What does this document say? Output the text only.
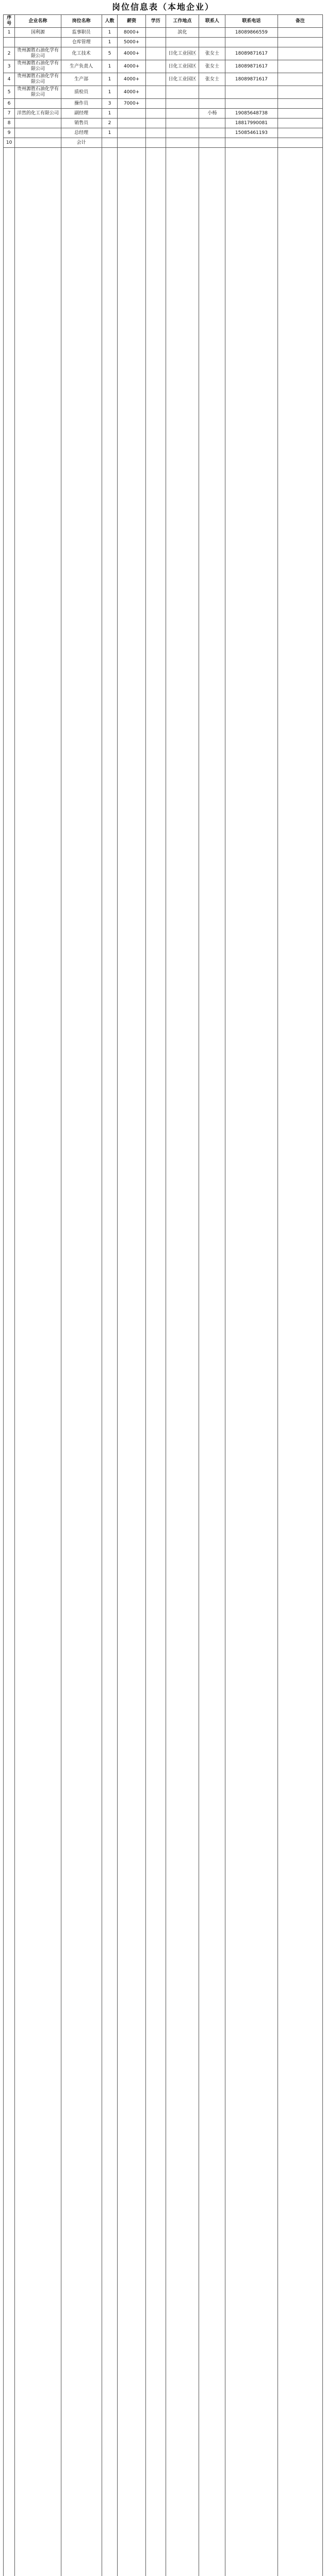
岗位信息表（本地企业）
序号	企业名称	岗位名称	人数	薪资	学历	工作地点	联系人	联系电话	备注
1	国利源	监事职员	1	8000+		滨化		18089866559	
		仓库管理	1	5000+					
2	贵州源胜石油化学有限公司	化工技术	5	4000+		日化工业园区	张女士	18089871617	
3	贵州源胜石油化学有限公司	生产负责人	1	4000+		日化工业园区	张女士	18089871617	
4	贵州源胜石油化学有限公司	生产部	1	4000+		日化工业园区	张女士	18089871617	
5	贵州源胜石油化学有限公司	质检员	1	4000+					
6		操作员	3	7000+					
7	洋然的化工有限公司	副经理	1				小杨	19085648738	
8		销售员	2					18817990081	
9		总经理	1					15085461193	
10		会计							
